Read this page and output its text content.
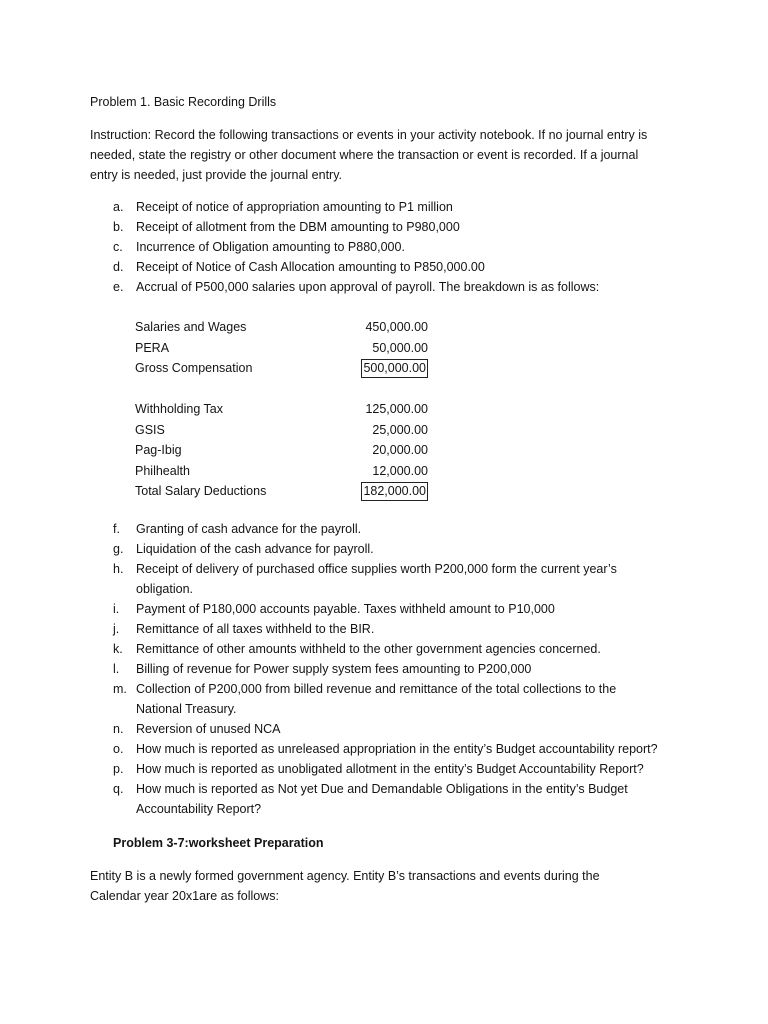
Problem 1. Basic Recording Drills
Instruction: Record the following transactions or events in your activity notebook. If no journal entry is
needed, state the registry or other document where the transaction or event is recorded. If a journal
entry is needed, just provide the journal entry.
a.	Receipt of notice of appropriation amounting to P1 million
b.	Receipt of allotment from the DBM amounting to P980,000
c.	Incurrence of Obligation amounting to P880,000.
d.	Receipt of Notice of Cash Allocation amounting to P850,000.00
e.	Accrual of P500,000 salaries upon approval of payroll. The breakdown is as follows:
Salaries and Wages	450,000.00
PERA	50,000.00
Gross Compensation	500,000.00
Withholding Tax	125,000.00
GSIS	25,000.00
Pag-Ibig	20,000.00
Philhealth	12,000.00
Total Salary Deductions	182,000.00
f.	Granting of cash advance for the payroll.
g.	Liquidation of the cash advance for payroll.
h.	Receipt of delivery of purchased office supplies worth P200,000 form the current year’s obligation.
i.	Payment of P180,000 accounts payable. Taxes withheld amount to P10,000
j.	Remittance of all taxes withheld to the BIR.
k.	Remittance of other amounts withheld to the other government agencies concerned.
l.	Billing of revenue for Power supply system fees amounting to P200,000
m. Collection of P200,000 from billed revenue and remittance of the total collections to the National Treasury.
n.	Reversion of unused NCA
o.	How much is reported as unreleased appropriation in the entity’s Budget accountability report?
p.	How much is reported as unobligated allotment in the entity’s Budget Accountability Report?
q.	How much is reported as Not yet Due and Demandable Obligations in the entity’s Budget Accountability Report?
Problem 3-7:worksheet Preparation
Entity B is a newly formed government agency. Entity B’s transactions and events during the
Calendar year 20x1are as follows:
